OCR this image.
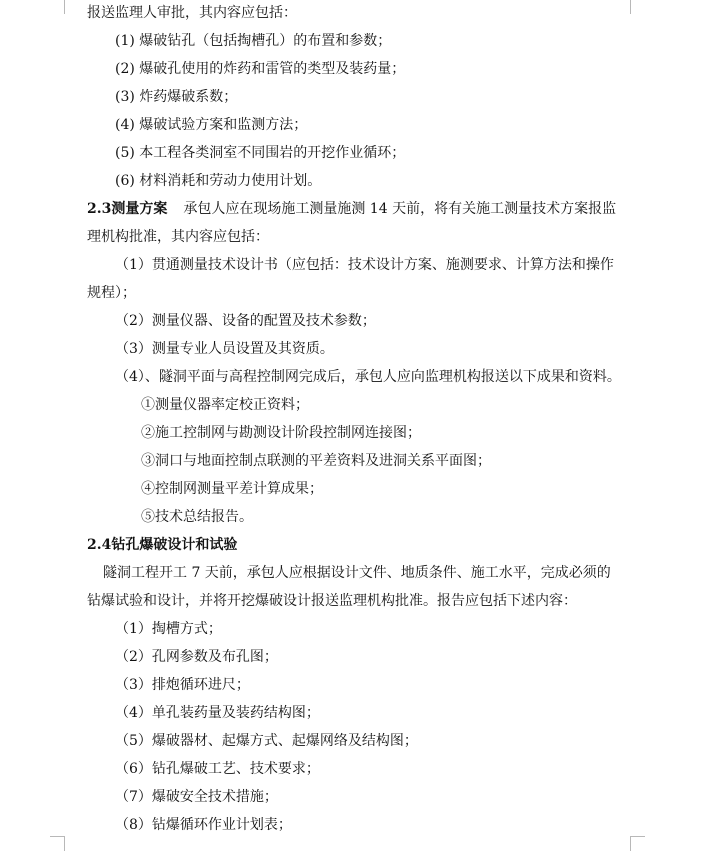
报送监理人审批，其内容应包括：
(1) 爆破钻孔（包括掏槽孔）的布置和参数；
(2) 爆破孔使用的炸药和雷管的类型及装药量；
(3) 炸药爆破系数；
(4) 爆破试验方案和监测方法；
(5) 本工程各类洞室不同围岩的开挖作业循环；
(6) 材料消耗和劳动力使用计划。
2.3测量方案 承包人应在现场施工测量施测 14 天前，将有关施工测量技术方案报监
理机构批准，其内容应包括：
（1）贯通测量技术设计书（应包括：技术设计方案、施测要求、计算方法和操作
规程）；
（2）测量仪器、设备的配置及技术参数；
（3）测量专业人员设置及其资质。
（4）、隧洞平面与高程控制网完成后，承包人应向监理机构报送以下成果和资料。
①测量仪器率定校正资料；
②施工控制网与勘测设计阶段控制网连接图；
③洞口与地面控制点联测的平差资料及进洞关系平面图；
④控制网测量平差计算成果；
⑤技术总结报告。
2.4钻孔爆破设计和试验
隧洞工程开工 7 天前，承包人应根据设计文件、地质条件、施工水平，完成必须的
钻爆试验和设计，并将开挖爆破设计报送监理机构批准。报告应包括下述内容：
（1）掏槽方式；
（2）孔网参数及布孔图；
（3）排炮循环进尺；
（4）单孔装药量及装药结构图；
（5）爆破器材、起爆方式、起爆网络及结构图；
（6）钻孔爆破工艺、技术要求；
（7）爆破安全技术措施；
（8）钻爆循环作业计划表；
